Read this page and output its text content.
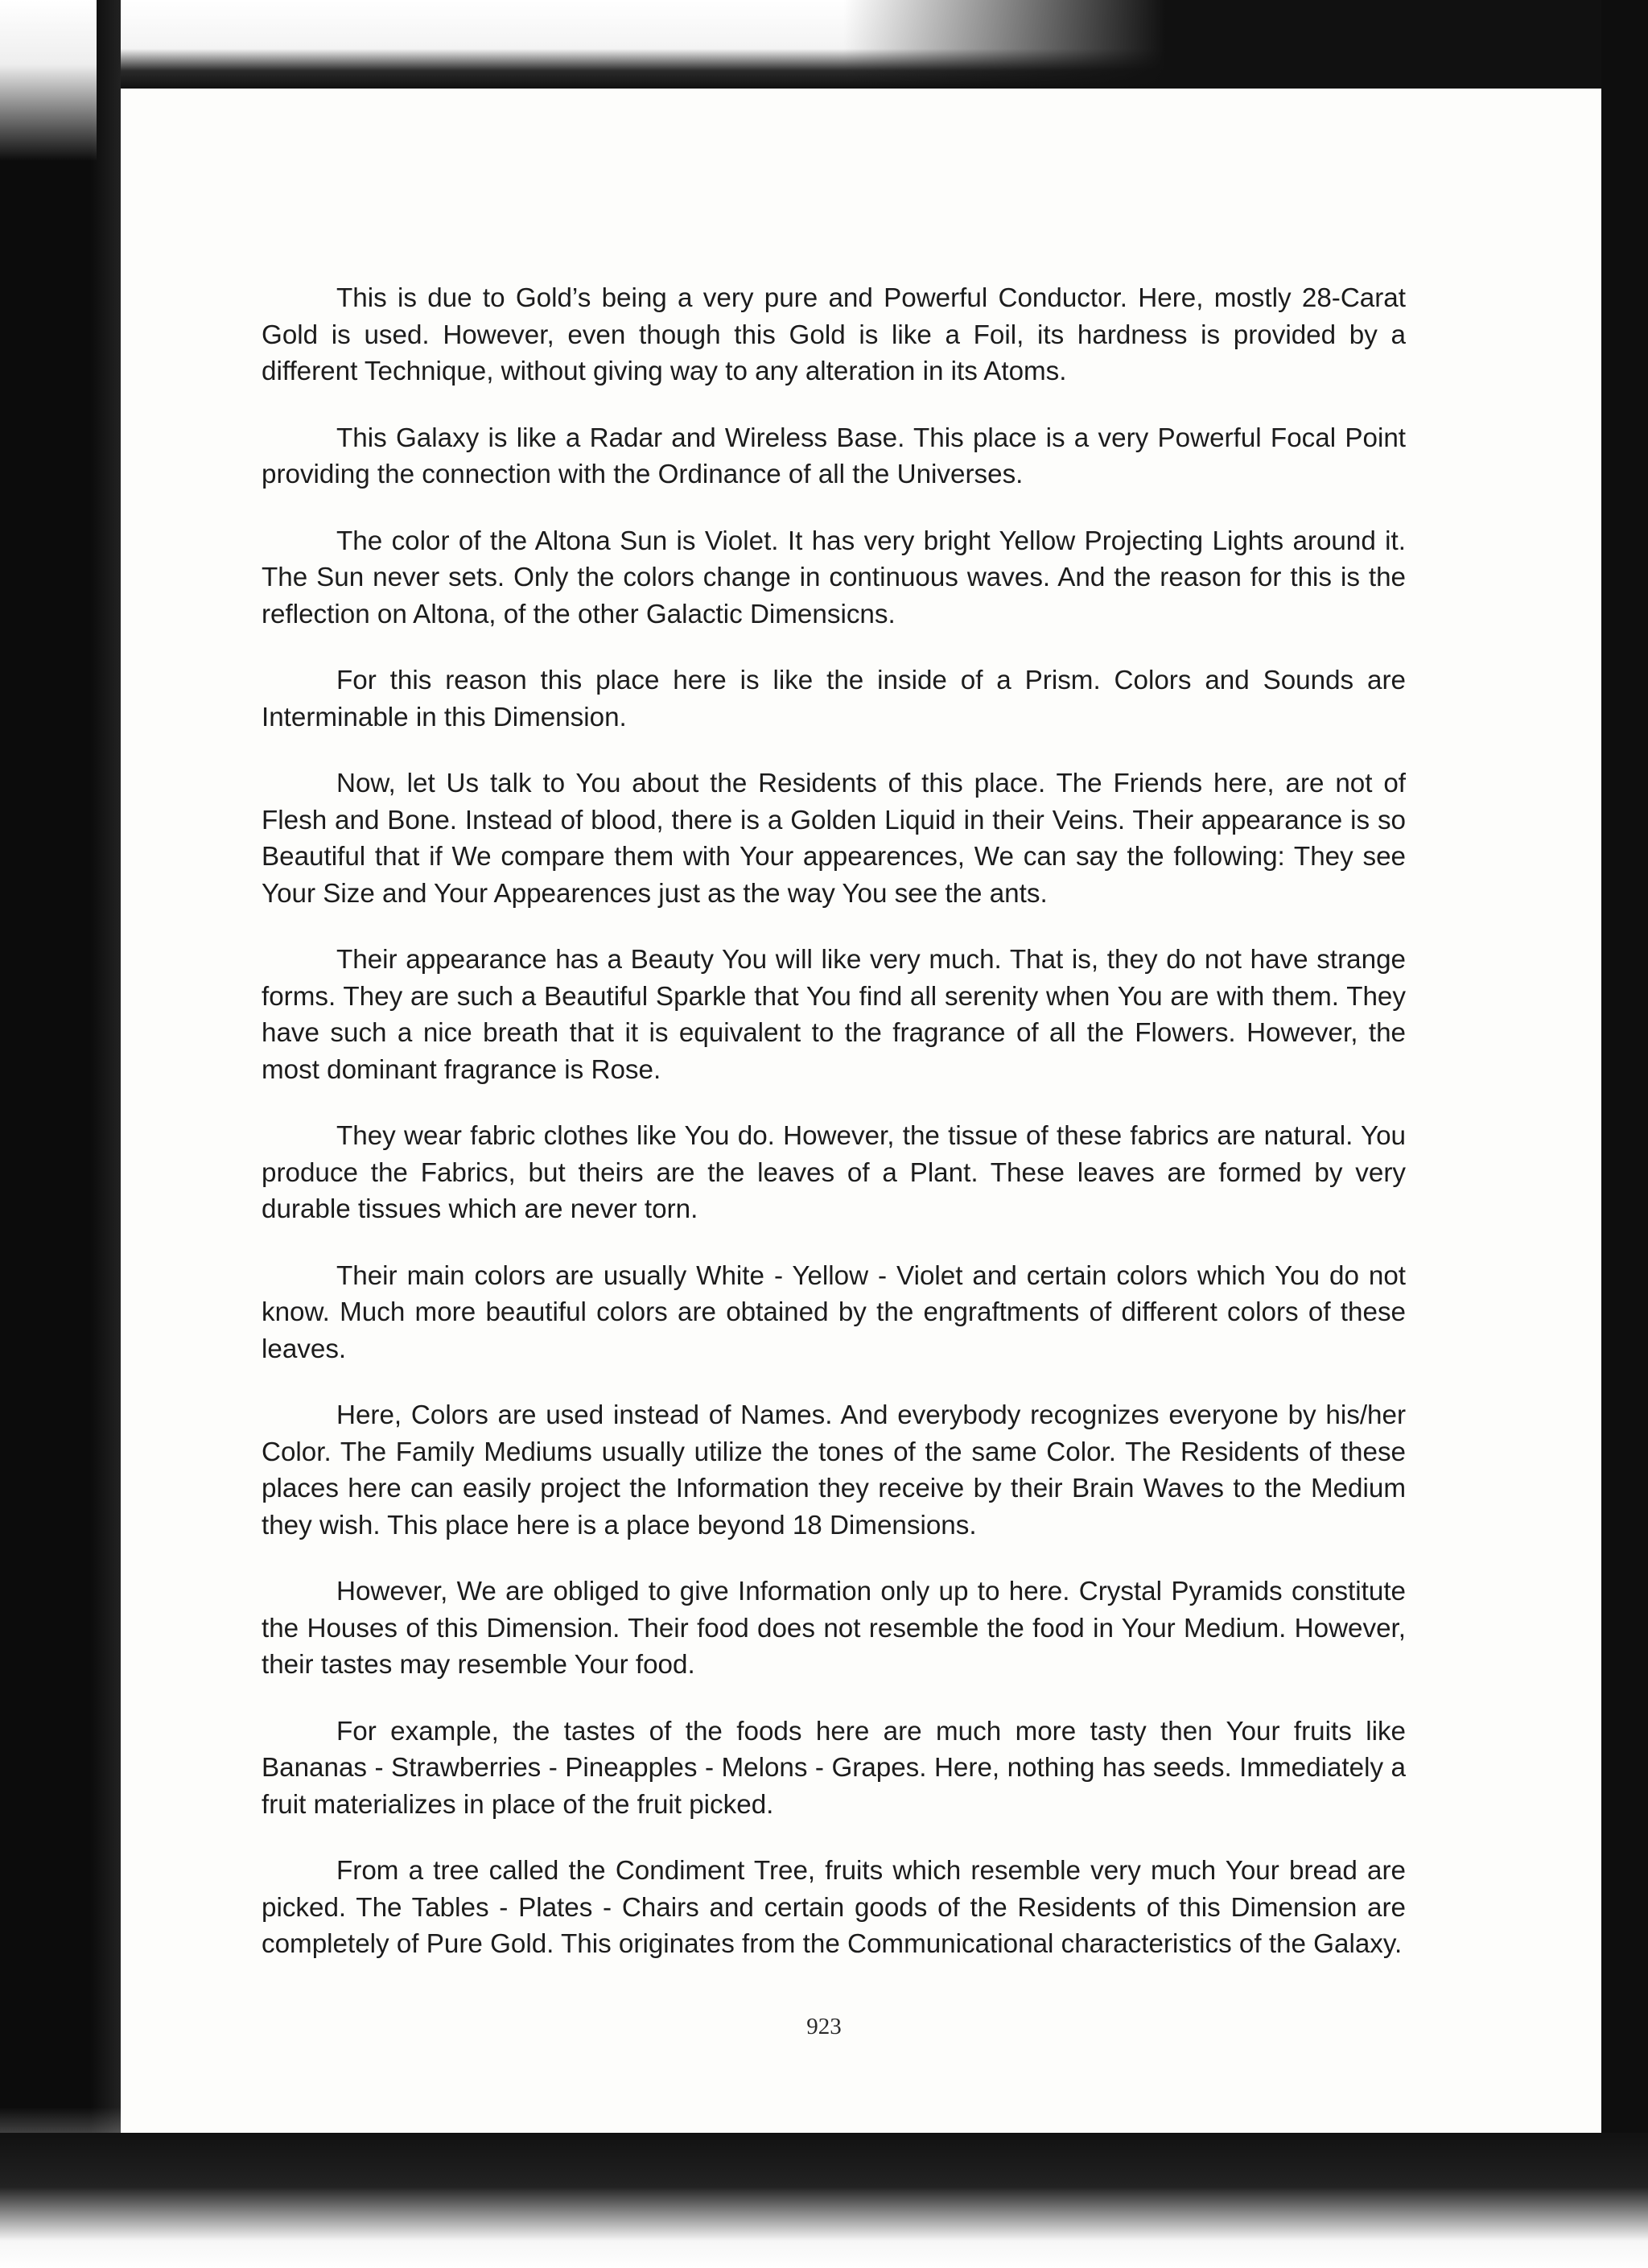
This is due to Gold’s being a very pure and Powerful Conductor. Here, mostly 28-Carat Gold is used. However, even though this Gold is like a Foil, its hardness is provided by a different Technique, without giving way to any alteration in its Atoms.

This Galaxy is like a Radar and Wireless Base. This place is a very Powerful Focal Point providing the connection with the Ordinance of all the Universes.

The color of the Altona Sun is Violet. It has very bright Yellow Projecting Lights around it. The Sun never sets. Only the colors change in continuous waves. And the reason for this is the reflection on Altona, of the other Galactic Dimensicns.

For this reason this place here is like the inside of a Prism. Colors and Sounds are Interminable in this Dimension.

Now, let Us talk to You about the Residents of this place. The Friends here, are not of Flesh and Bone. Instead of blood, there is a Golden Liquid in their Veins. Their appearance is so Beautiful that if We compare them with Your appearences, We can say the following: They see Your Size and Your Appearences just as the way You see the ants.

Their appearance has a Beauty You will like very much. That is, they do not have strange forms. They are such a Beautiful Sparkle that You find all serenity when You are with them. They have such a nice breath that it is equivalent to the fragrance of all the Flowers. However, the most dominant fragrance is Rose.

They wear fabric clothes like You do. However, the tissue of these fabrics are natural. You produce the Fabrics, but theirs are the leaves of a Plant. These leaves are formed by very durable tissues which are never torn.

Their main colors are usually White - Yellow - Violet and certain colors which You do not know. Much more beautiful colors are obtained by the engraftments of different colors of these leaves.

Here, Colors are used instead of Names. And everybody recognizes everyone by his/her Color. The Family Mediums usually utilize the tones of the same Color. The Residents of these places here can easily project the Information they receive by their Brain Waves to the Medium they wish. This place here is a place beyond 18 Dimensions.

However, We are obliged to give Information only up to here. Crystal Pyramids constitute the Houses of this Dimension. Their food does not resemble the food in Your Medium. However, their tastes may resemble Your food.

For example, the tastes of the foods here are much more tasty then Your fruits like Bananas - Strawberries - Pineapples - Melons - Grapes. Here, nothing has seeds. Immediately a fruit materializes in place of the fruit picked.

From a tree called the Condiment Tree, fruits which resemble very much Your bread are picked. The Tables - Plates - Chairs and certain goods of the Residents of this Dimension are completely of Pure Gold. This originates from the Communicational characteristics of the Galaxy.

923
